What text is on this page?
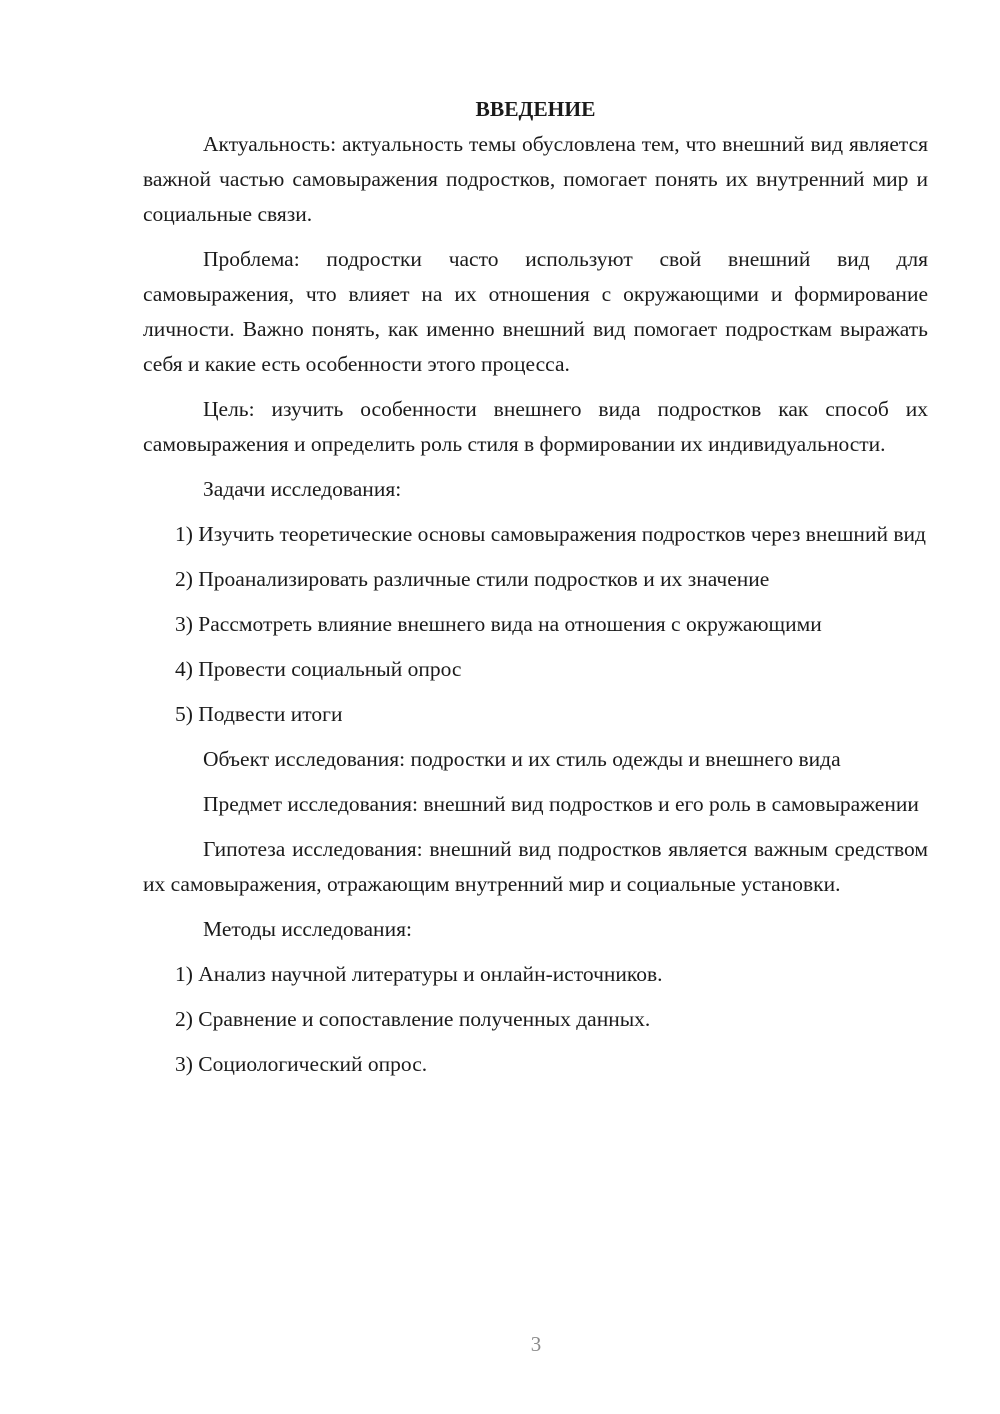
ВВЕДЕНИЕ

Актуальность: актуальность темы обусловлена тем, что внешний вид является важной частью самовыражения подростков, помогает понять их внутренний мир и социальные связи.

Проблема: подростки часто используют свой внешний вид для самовыражения, что влияет на их отношения с окружающими и формирование личности. Важно понять, как именно внешний вид помогает подросткам выражать себя и какие есть особенности этого процесса.

Цель: изучить особенности внешнего вида подростков как способ их самовыражения и определить роль стиля в формировании их индивидуальности.

Задачи исследования:

1) Изучить теоретические основы самовыражения подростков через внешний вид

2) Проанализировать различные стили подростков и их значение

3) Рассмотреть влияние внешнего вида на отношения с окружающими

4) Провести социальный опрос

5) Подвести итоги

Объект исследования: подростки и их стиль одежды и внешнего вида

Предмет исследования: внешний вид подростков и его роль в самовыражении

Гипотеза исследования: внешний вид подростков является важным средством их самовыражения, отражающим внутренний мир и социальные установки.

Методы исследования:

1) Анализ научной литературы и онлайн-источников.

2) Сравнение и сопоставление полученных данных.

3) Социологический опрос.

3
